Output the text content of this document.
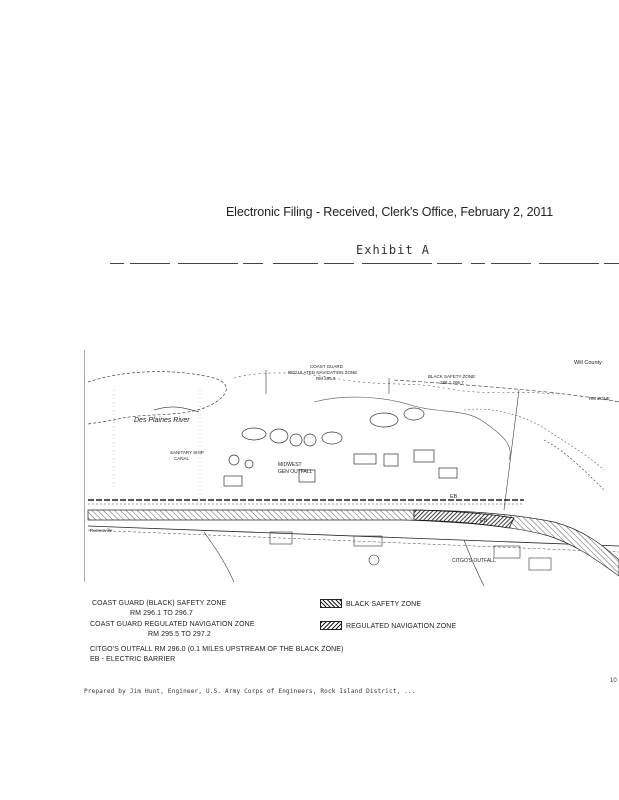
Electronic Filing - Received, Clerk's Office, February 2, 2011
Exhibit A
Des Plaines River
Will County
COAST GUARD
REGULATED NAVIGATION ZONE
RM 295.5	BLACK SAFETY ZONE
296.1 296.7
RM ZONE
MIDWEST
GEN OUTFALL
SANITARY SHIP
CANAL
EB
EB
CITGO'S OUTFALL
Romeoville
COAST GUARD (BLACK) SAFETY ZONE
RM 296.1 TO 296.7
COAST GUARD REGULATED NAVIGATION ZONE
RM 295.5 TO 297.2
CITGO'S OUTFALL RM 296.0 (0.1 MILES UPSTREAM OF THE BLACK ZONE)
EB - ELECTRIC BARRIER
BLACK SAFETY ZONE
REGULATED NAVIGATION ZONE
10
Prepared by Jim Hunt, Engineer, U.S. Army Corps of Engineers, Rock Island District, ...
